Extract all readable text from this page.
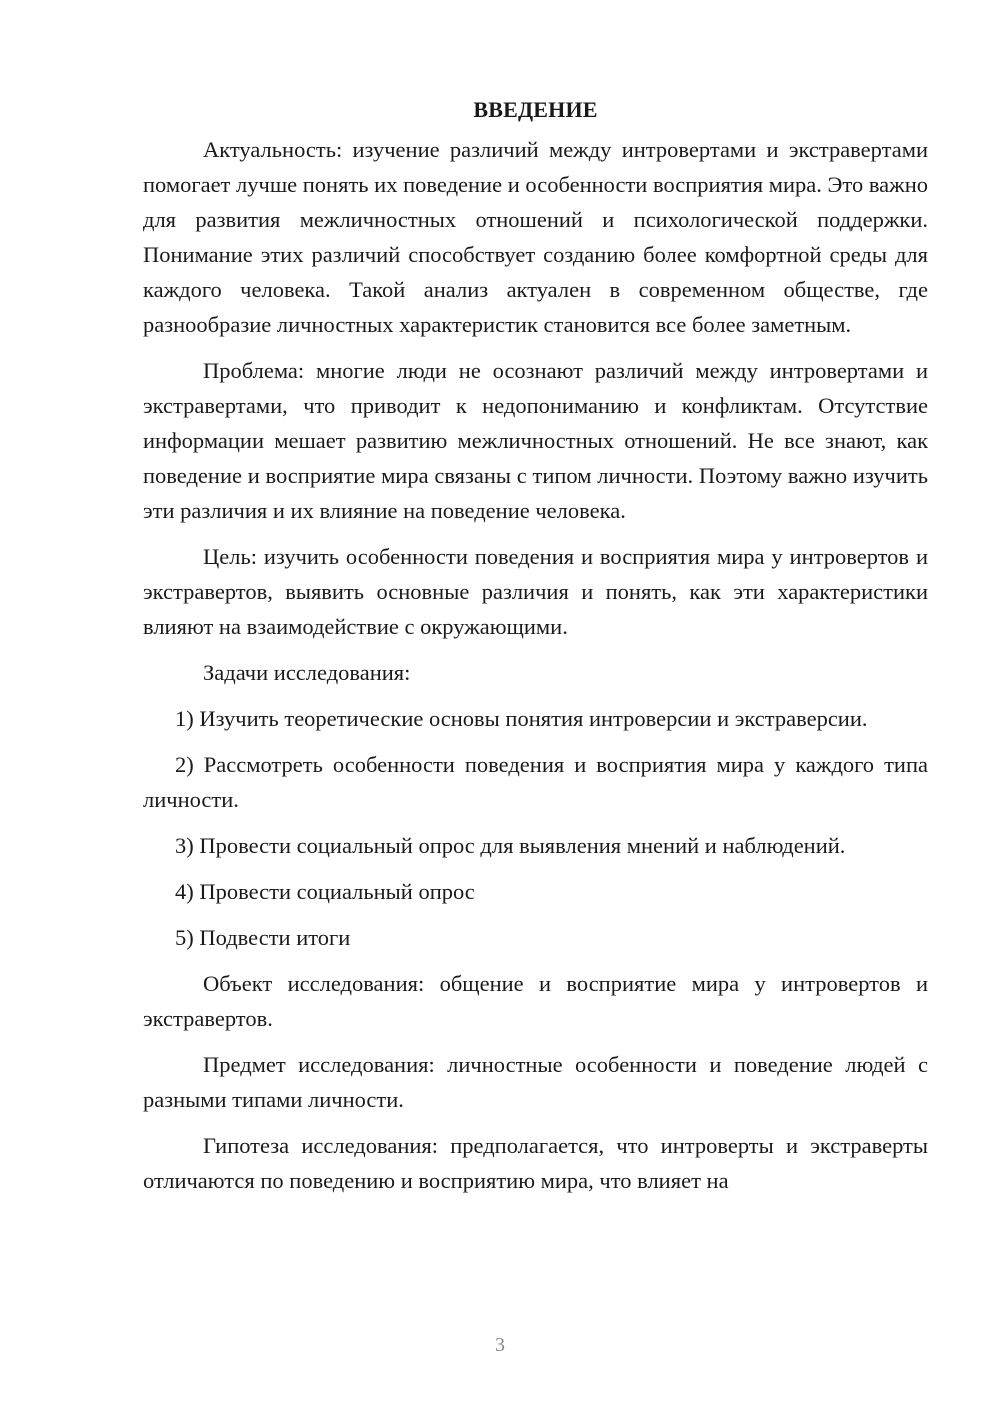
ВВЕДЕНИЕ

Актуальность: изучение различий между интровертами и экстравертами помогает лучше понять их поведение и особенности восприятия мира. Это важно для развития межличностных отношений и психологической поддержки. Понимание этих различий способствует созданию более комфортной среды для каждого человека. Такой анализ актуален в современном обществе, где разнообразие личностных характеристик становится все более заметным.

Проблема: многие люди не осознают различий между интровертами и экстравертами, что приводит к недопониманию и конфликтам. Отсутствие информации мешает развитию межличностных отношений. Не все знают, как поведение и восприятие мира связаны с типом личности. Поэтому важно изучить эти различия и их влияние на поведение человека.

Цель: изучить особенности поведения и восприятия мира у интровертов и экстравертов, выявить основные различия и понять, как эти характеристики влияют на взаимодействие с окружающими.

Задачи исследования:

1) Изучить теоретические основы понятия интроверсии и экстраверсии.

2) Рассмотреть особенности поведения и восприятия мира у каждого типа личности.

3) Провести социальный опрос для выявления мнений и наблюдений.

4) Провести социальный опрос

5) Подвести итоги

Объект исследования: общение и восприятие мира у интровертов и экстравертов.

Предмет исследования: личностные особенности и поведение людей с разными типами личности.

Гипотеза исследования: предполагается, что интроверты и экстраверты отличаются по поведению и восприятию мира, что влияет на

3
